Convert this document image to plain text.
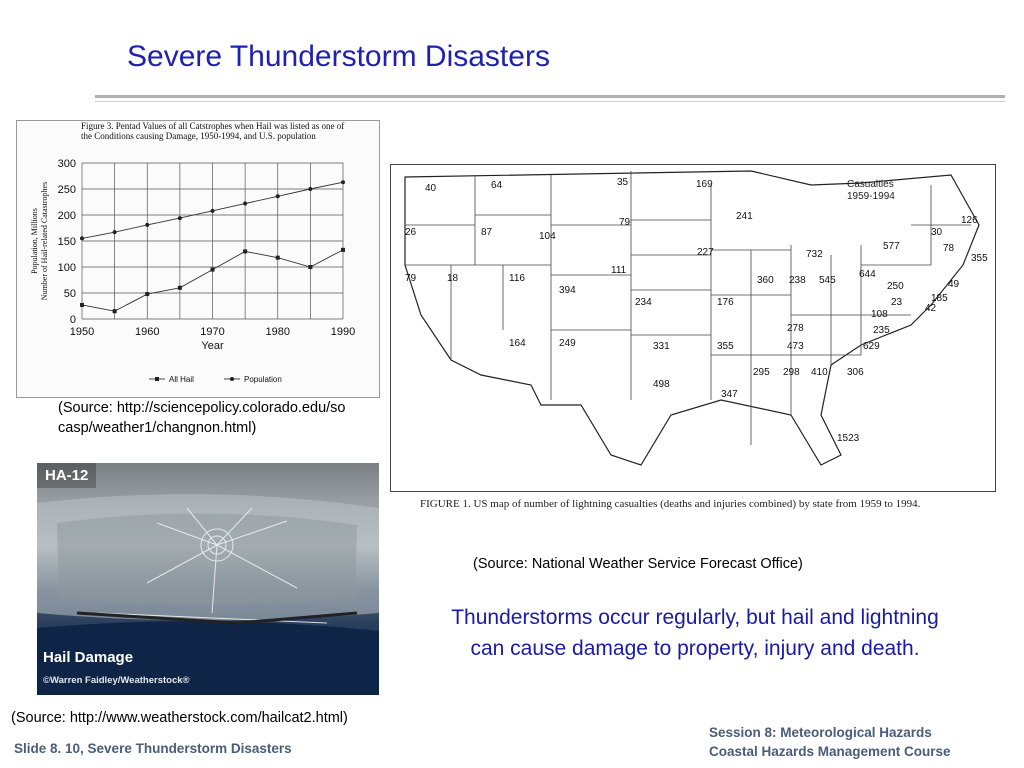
Severe Thunderstorm Disasters
0
50
100
150
200
250
300
1950	1960	1970	1980	1990
Year
Population, Millions Number of Hail-related Catastrophes
All Hail	Population
Figure 3. Pentad Values of all Catstrophes when Hail was listed as one of the Conditions causing Damage, 1950-1994, and U.S. population
(Source: http://sciencepolicy.colorado.edu/socasp/weather1/changnon.html)
HA-12
Hail Damage
©Warren Faidley/Weatherstock®
(Source: http://www.weatherstock.com/hailcat2.html)
Casualties
1959-1994
40	64	35	169
126
26	87
79
241
30
78
355
104
227	732
577
79	18	116
111
360 238 545
644
250	49
394
234	176	23	185
42
278
108
235
164	249	331	355	473	629
295 298 410 306
498
347
1523
FIGURE 1. US map of number of lightning casualties (deaths and injuries combined) by state from 1959 to 1994.
(Source: National Weather Service Forecast Office)
Thunderstorms occur regularly, but hail and lightning can cause damage to property, injury and death.
Slide 8. 10, Severe Thunderstorm Disasters
Session 8: Meteorological Hazards
Coastal Hazards Management Course
